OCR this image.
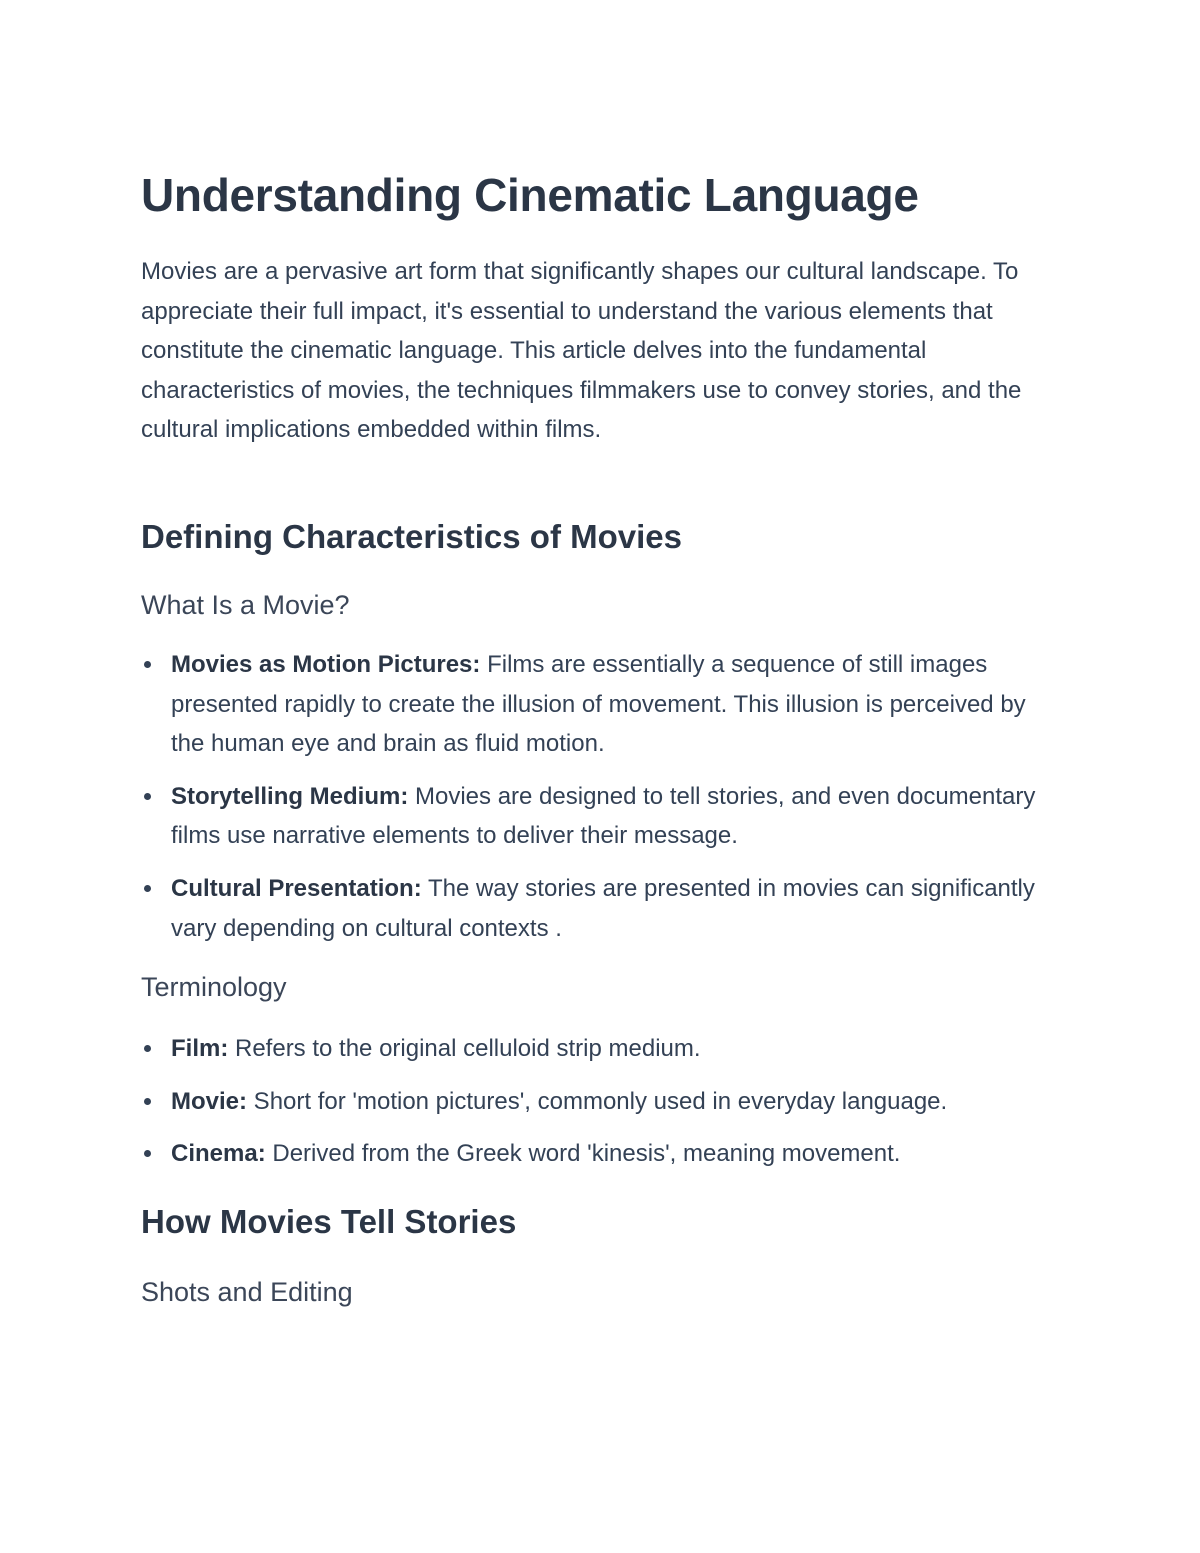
Understanding Cinematic Language

Movies are a pervasive art form that significantly shapes our cultural landscape. To appreciate their full impact, it's essential to understand the various elements that constitute the cinematic language. This article delves into the fundamental characteristics of movies, the techniques filmmakers use to convey stories, and the cultural implications embedded within films.

Defining Characteristics of Movies
What Is a Movie?
Movies as Motion Pictures: Films are essentially a sequence of still images presented rapidly to create the illusion of movement. This illusion is perceived by the human eye and brain as fluid motion.
Storytelling Medium: Movies are designed to tell stories, and even documentary films use narrative elements to deliver their message.
Cultural Presentation: The way stories are presented in movies can significantly vary depending on cultural contexts .
Terminology
Film: Refers to the original celluloid strip medium.
Movie: Short for 'motion pictures', commonly used in everyday language.
Cinema: Derived from the Greek word 'kinesis', meaning movement.
How Movies Tell Stories
Shots and Editing
